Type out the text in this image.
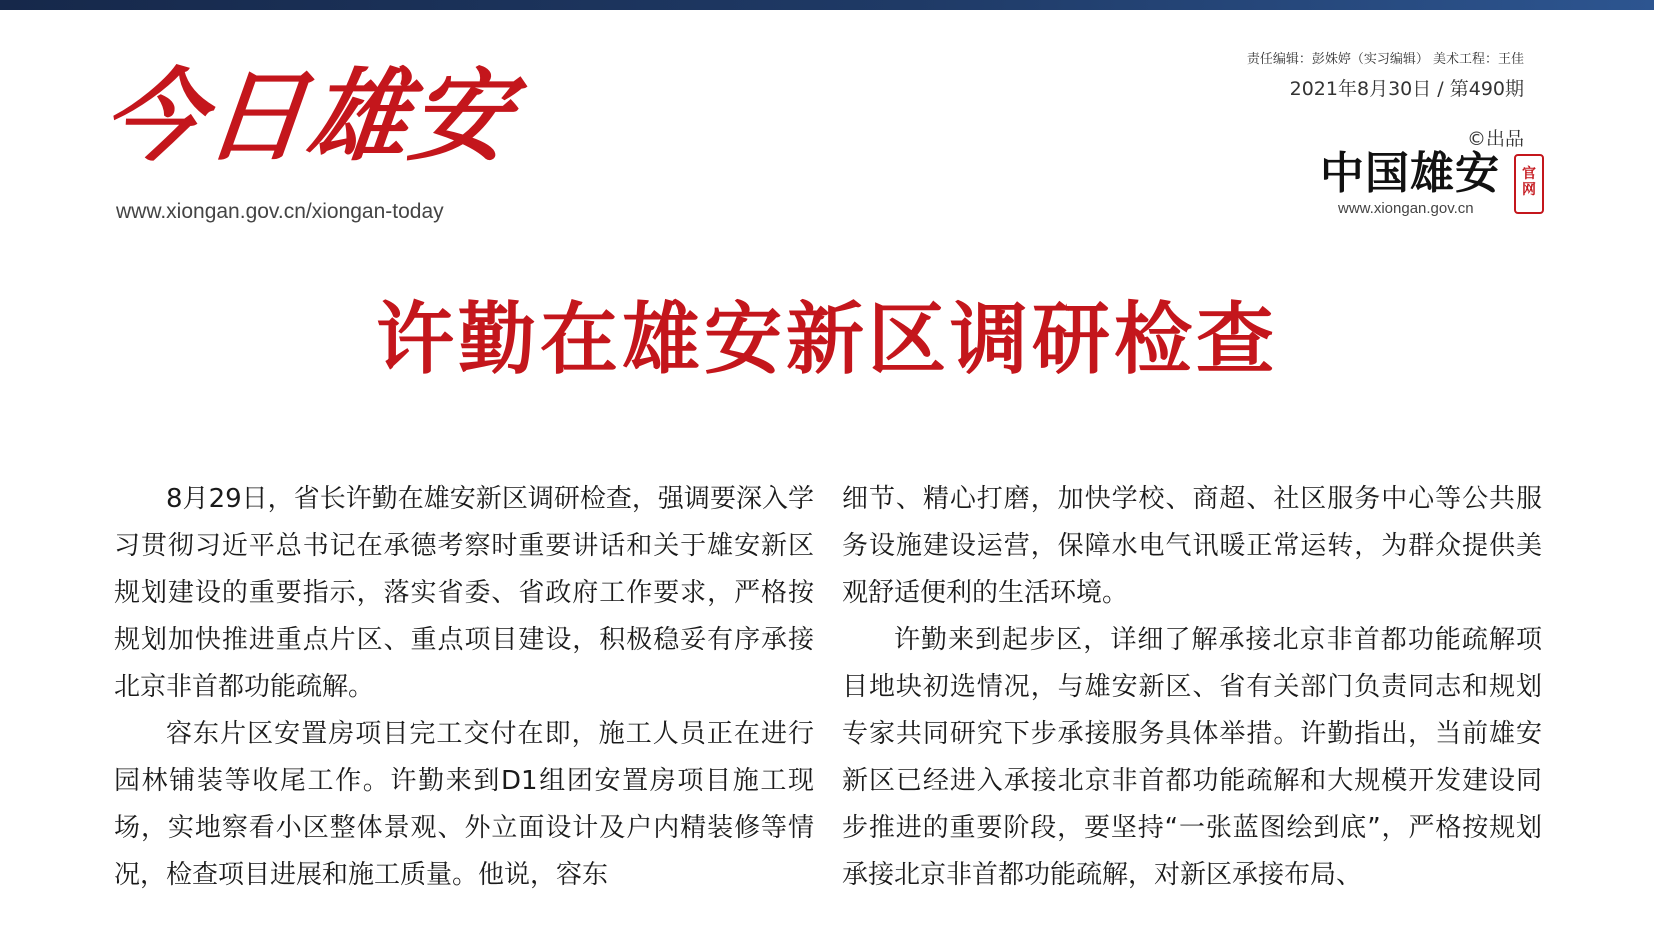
今日雄安
www.xiongan.gov.cn/xiongan-today
责任编辑：彭姝婷（实习编辑） 美术工程：王佳
2021年8月30日 / 第490期
©出品
中国雄安	官
网
www.xiongan.gov.cn
许勤在雄安新区调研检查

8月29日，省长许勤在雄安新区调研检查，强调要深入学习贯彻习近平总书记在承德考察时重要讲话和关于雄安新区规划建设的重要指示，落实省委、省政府工作要求，严格按规划加快推进重点片区、重点项目建设，积极稳妥有序承接北京非首都功能疏解。

容东片区安置房项目完工交付在即，施工人员正在进行园林铺装等收尾工作。许勤来到D1组团安置房项目施工现场，实地察看小区整体景观、外立面设计及户内精装修等情况，检查项目进展和施工质量。他说，容东

细节、精心打磨，加快学校、商超、社区服务中心等公共服务设施建设运营，保障水电气讯暖正常运转，为群众提供美观舒适便利的生活环境。

许勤来到起步区，详细了解承接北京非首都功能疏解项目地块初选情况，与雄安新区、省有关部门负责同志和规划专家共同研究下步承接服务具体举措。许勤指出，当前雄安新区已经进入承接北京非首都功能疏解和大规模开发建设同步推进的重要阶段，要坚持“一张蓝图绘到底”，严格按规划承接北京非首都功能疏解，对新区承接布局、
